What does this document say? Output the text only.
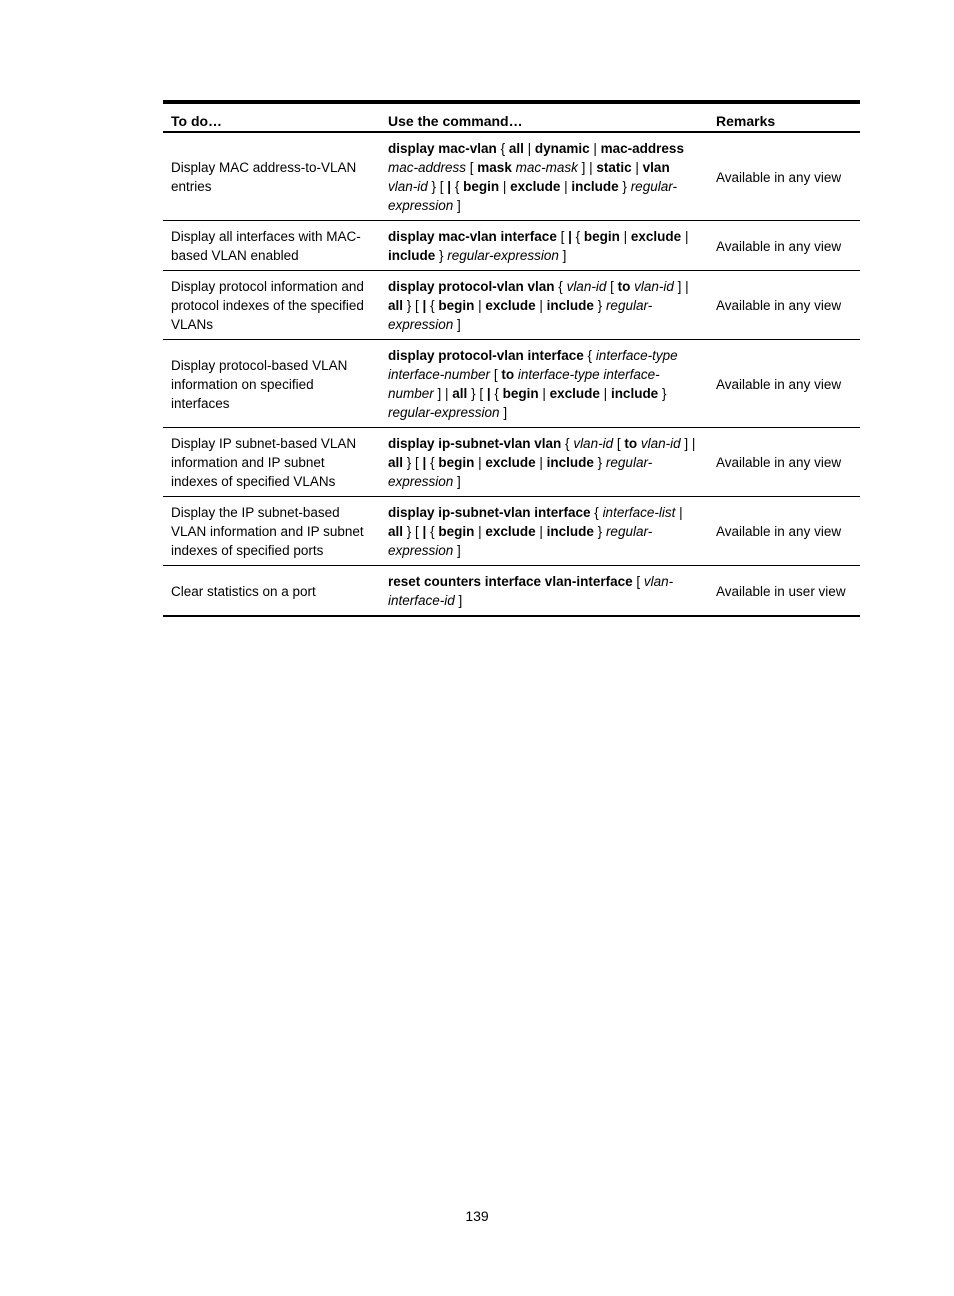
To do…	Use the command…	Remarks
Display MAC address-to-VLAN entries	display mac-vlan { all | dynamic | mac-address mac-address [ mask mac-mask ] | static | vlan vlan-id } [ | { begin | exclude | include } regular-expression ]	Available in any view
Display all interfaces with MAC-based VLAN enabled	display mac-vlan interface [ | { begin | exclude | include } regular-expression ]	Available in any view
Display protocol information and protocol indexes of the specified VLANs	display protocol-vlan vlan { vlan-id [ to vlan-id ] | all } [ | { begin | exclude | include } regular-expression ]	Available in any view
Display protocol-based VLAN information on specified interfaces	display protocol-vlan interface { interface-type interface-number [ to interface-type interface-number ] | all } [ | { begin | exclude | include } regular-expression ]	Available in any view
Display IP subnet-based VLAN information and IP subnet indexes of specified VLANs	display ip-subnet-vlan vlan { vlan-id [ to vlan-id ] | all } [ | { begin | exclude | include } regular-expression ]	Available in any view
Display the IP subnet-based VLAN information and IP subnet indexes of specified ports	display ip-subnet-vlan interface { interface-list | all } [ | { begin | exclude | include } regular-expression ]	Available in any view
Clear statistics on a port	reset counters interface vlan-interface [ vlan-interface-id ]	Available in user view
139
